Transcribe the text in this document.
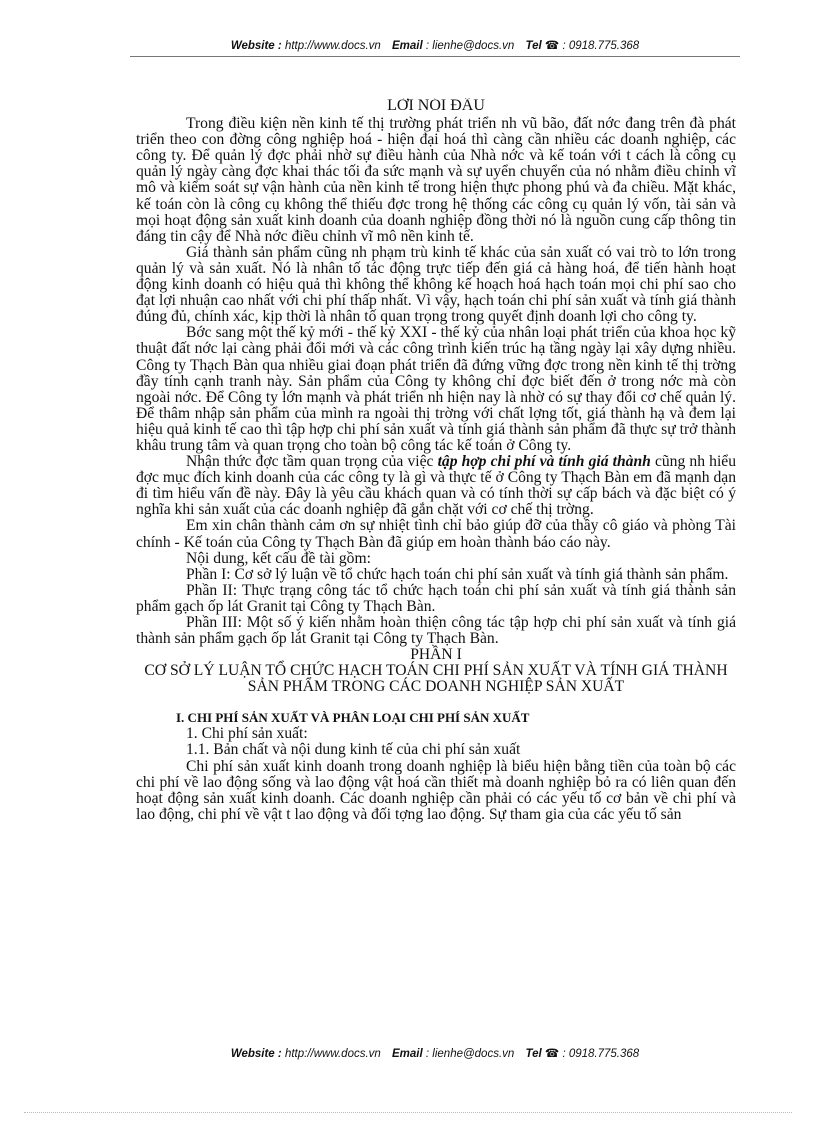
Website : http://www.docs.vn Email : lienhe@docs.vn Tel ☎ : 0918.775.368

LỜI NÓI ĐẦU

Trong điều kiện nền kinh tế thị trường phát triển nh vũ bão, đất nớc đang trên đà phát triển theo con đờng công nghiệp hoá - hiện đại hoá thì càng cần nhiều các doanh nghiệp, các công ty. Để quản lý đợc phải nhờ sự điều hành của Nhà nớc và kế toán với t cách là công cụ quản lý ngày càng đợc khai thác tối đa sức mạnh và sự uyển chuyển của nó nhằm điều chỉnh vĩ mô và kiểm soát sự vận hành của nền kinh tế trong hiện thực phong phú và đa chiều. Mặt khác, kế toán còn là công cụ không thể thiếu đợc trong hệ thống các công cụ quản lý vốn, tài sản và mọi hoạt động sản xuất kinh doanh của doanh nghiệp đồng thời nó là nguồn cung cấp thông tin đáng tin cậy để Nhà nớc điều chỉnh vĩ mô nền kinh tế.

Giá thành sản phẩm cũng nh phạm trù kinh tế khác của sản xuất có vai trò to lớn trong quản lý và sản xuất. Nó là nhân tố tác động trực tiếp đến giá cả hàng hoá, để tiến hành hoạt động kinh doanh có hiệu quả thì không thể không kế hoạch hoá hạch toán mọi chi phí sao cho đạt lợi nhuận cao nhất với chi phí thấp nhất. Vì vậy, hạch toán chi phí sản xuất và tính giá thành đúng đủ, chính xác, kịp thời là nhân tố quan trọng trong quyết định doanh lợi cho công ty.

Bớc sang một thế kỷ mới - thế kỷ XXI - thế kỷ của nhân loại phát triển của khoa học kỹ thuật đất nớc lại càng phải đổi mới và các công trình kiến trúc hạ tầng ngày lại xây dựng nhiều. Công ty Thạch Bàn qua nhiều giai đoạn phát triển đã đứng vững đợc trong nền kinh tế thị trờng đầy tính cạnh tranh này. Sản phẩm của Công ty không chỉ đợc biết đến ở trong nớc mà còn ngoài nớc. Để Công ty lớn mạnh và phát triển nh hiện nay là nhờ có sự thay đổi cơ chế quản lý. Để thâm nhập sản phẩm của mình ra ngoài thị trờng với chất lợng tốt, giá thành hạ và đem lại hiệu quả kinh tế cao thì tập hợp chi phí sản xuất và tính giá thành sản phẩm đã thực sự trở thành khâu trung tâm và quan trọng cho toàn bộ công tác kế toán ở Công ty.

Nhận thức đợc tầm quan trọng của việc tập hợp chi phí và tính giá thành cũng nh hiểu đợc mục đích kinh doanh của các công ty là gì và thực tế ở Công ty Thạch Bàn em đã mạnh dạn đi tìm hiểu vấn đề này. Đây là yêu cầu khách quan và có tính thời sự cấp bách và đặc biệt có ý nghĩa khi sản xuất của các doanh nghiệp đã gắn chặt với cơ chế thị trờng.

Em xin chân thành cảm ơn sự nhiệt tình chỉ bảo giúp đỡ của thầy cô giáo và phòng Tài chính - Kế toán của Công ty Thạch Bàn đã giúp em hoàn thành báo cáo này.

Nội dung, kết cấu đề tài gồm:

Phần I: Cơ sở lý luận về tổ chức hạch toán chi phí sản xuất và tính giá thành sản phẩm.

Phần II: Thực trạng công tác tổ chức hạch toán chi phí sản xuất và tính giá thành sản phẩm gạch ốp lát Granit tại Công ty Thạch Bàn.

Phần III: Một số ý kiến nhằm hoàn thiện công tác tập hợp chi phí sản xuất và tính giá thành sản phẩm gạch ốp lát Granit tại Công ty Thạch Bàn.

PHẦN I

CƠ SỞ LÝ LUẬN TỔ CHỨC HẠCH TOÁN CHI PHÍ SẢN XUẤT VÀ TÍNH GIÁ THÀNH SẢN PHẨM TRONG CÁC DOANH NGHIỆP SẢN XUẤT

I. CHI PHÍ SẢN XUẤT VÀ PHÂN LOẠI CHI PHÍ SẢN XUẤT

1. Chi phí sản xuất:

1.1. Bản chất và nội dung kinh tế của chi phí sản xuất

Chi phí sản xuất kinh doanh trong doanh nghiệp là biểu hiện bằng tiền của toàn bộ các chi phí về lao động sống và lao động vật hoá cần thiết mà doanh nghiệp bỏ ra có liên quan đến hoạt động sản xuất kinh doanh. Các doanh nghiệp cần phải có các yếu tố cơ bản về chi phí và lao động, chi phí về vật t lao động và đối tợng lao động. Sự tham gia của các yếu tố sản

Website : http://www.docs.vn Email : lienhe@docs.vn Tel ☎ : 0918.775.368
